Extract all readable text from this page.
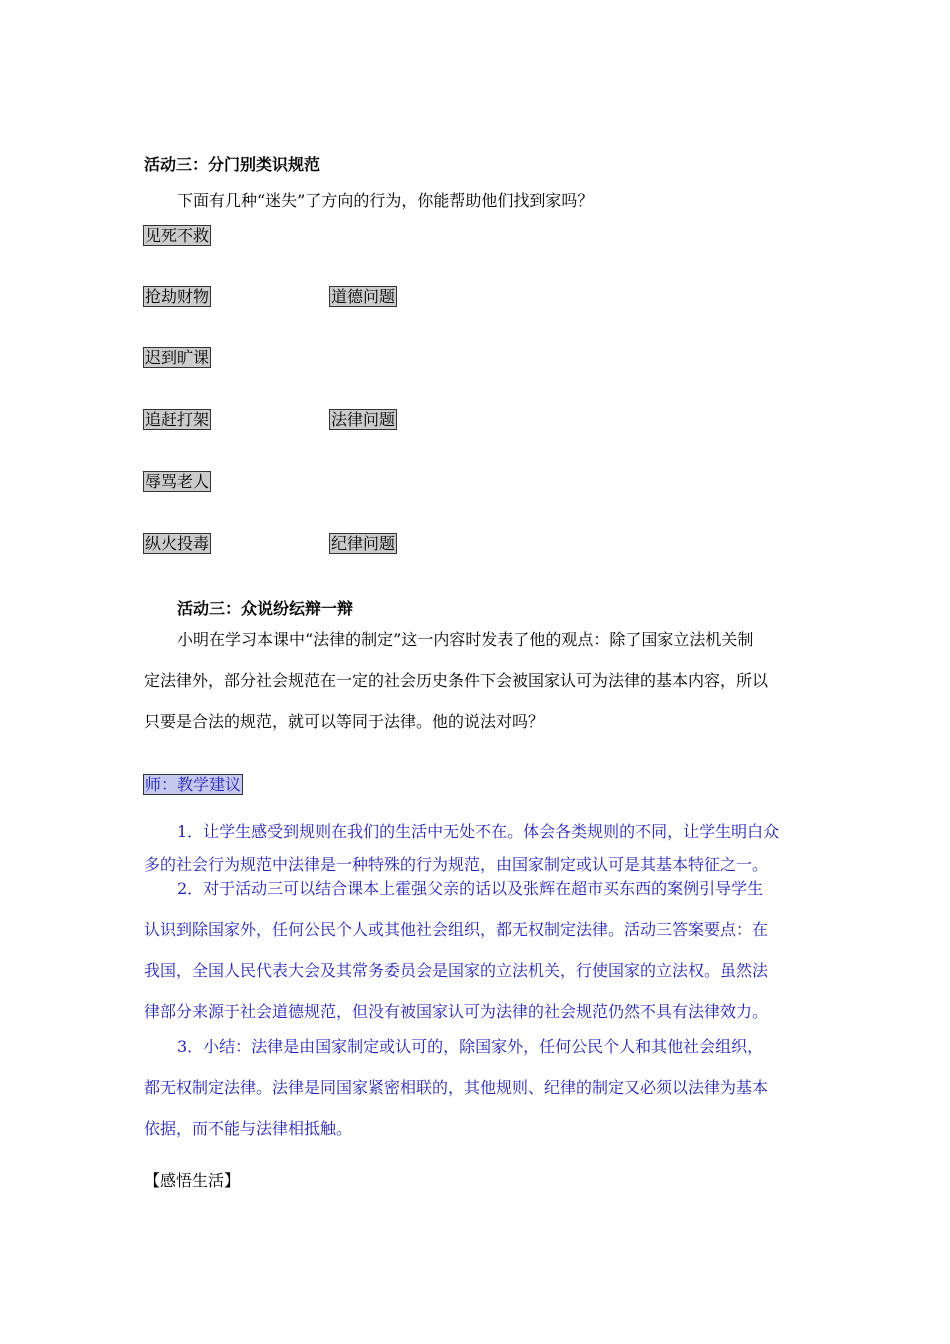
活动三：分门别类识规范
下面有几种“迷失”了方向的行为，你能帮助他们找到家吗？
见死不救
抢劫财物
迟到旷课
追赶打架
辱骂老人
纵火投毒
道德问题
法律问题
纪律问题
活动三：众说纷纭辩一辩
小明在学习本课中“法律的制定”这一内容时发表了他的观点：除了国家立法机关制
定法律外，部分社会规范在一定的社会历史条件下会被国家认可为法律的基本内容，所以
只要是合法的规范，就可以等同于法律。他的说法对吗？
师：教学建议
1．让学生感受到规则在我们的生活中无处不在。体会各类规则的不同，让学生明白众
多的社会行为规范中法律是一种特殊的行为规范，由国家制定或认可是其基本特征之一。
2．对于活动三可以结合课本上霍强父亲的话以及张辉在超市买东西的案例引导学生
认识到除国家外，任何公民个人或其他社会组织，都无权制定法律。活动三答案要点：在
我国，全国人民代表大会及其常务委员会是国家的立法机关，行使国家的立法权。虽然法
律部分来源于社会道德规范，但没有被国家认可为法律的社会规范仍然不具有法律效力。
3．小结：法律是由国家制定或认可的，除国家外，任何公民个人和其他社会组织，
都无权制定法律。法律是同国家紧密相联的，其他规则、纪律的制定又必须以法律为基本
依据，而不能与法律相抵触。
【感悟生活】
